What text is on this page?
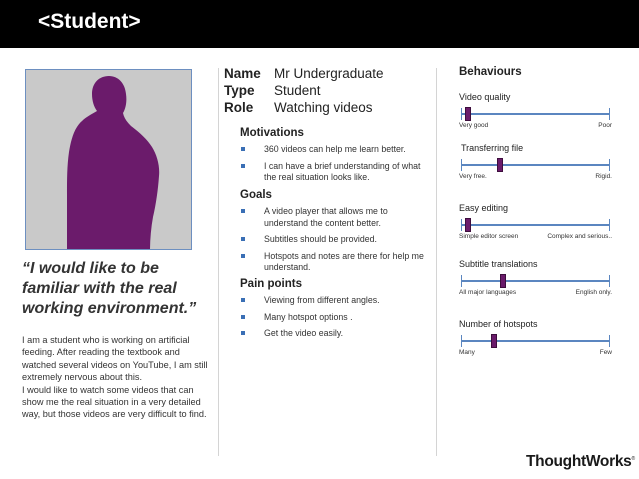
<Student>
“I would like to be familiar with the real working environment.”

I am a student who is working on artificial feeding. After reading the textbook and watched several videos on YouTube, I am still extremely nervous about this.

I would like to watch some videos that can show me the real situation in a very detailed way, but those videos are very difficult to find.

Name Mr Undergraduate
Type	Student
Role	Watching videos
Motivations
360 videos can help me learn better.
I can have a brief understanding of what the real situation looks like.
Goals
A video player that allows me to understand the content better.
Subtitles should be provided.
Hotspots and notes are there for help me understand.
Pain points
Viewing from different angles.
Many hotspot options .
Get the video easily.
Behaviours
Video quality
Very good	Poor
Transferring file
Very free.	Rigid.
Easy editing
Simple editor screen	Complex and serious..
Subtitle translations
All major languages	English only.
Number of hotspots
Many	Few
ThoughtWorks®
